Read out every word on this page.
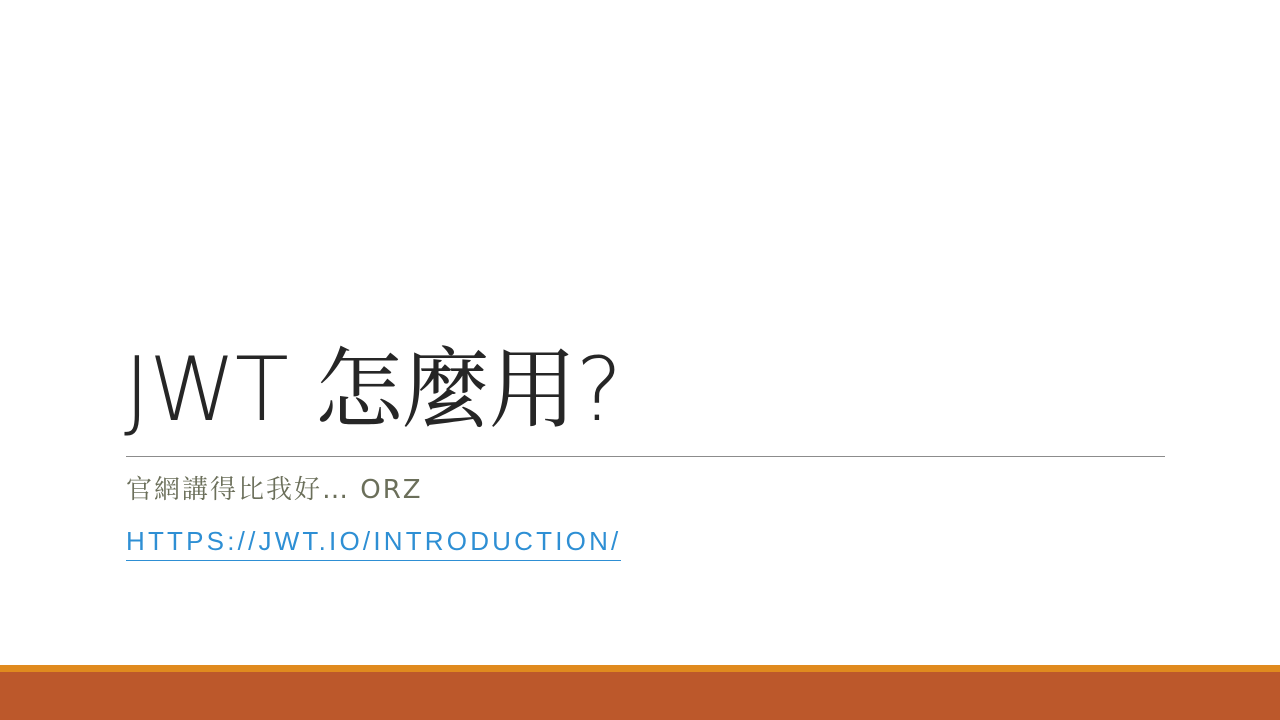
JWT 怎麼用?
官網講得比我好… ORZ
HTTPS://JWT.IO/INTRODUCTION/
